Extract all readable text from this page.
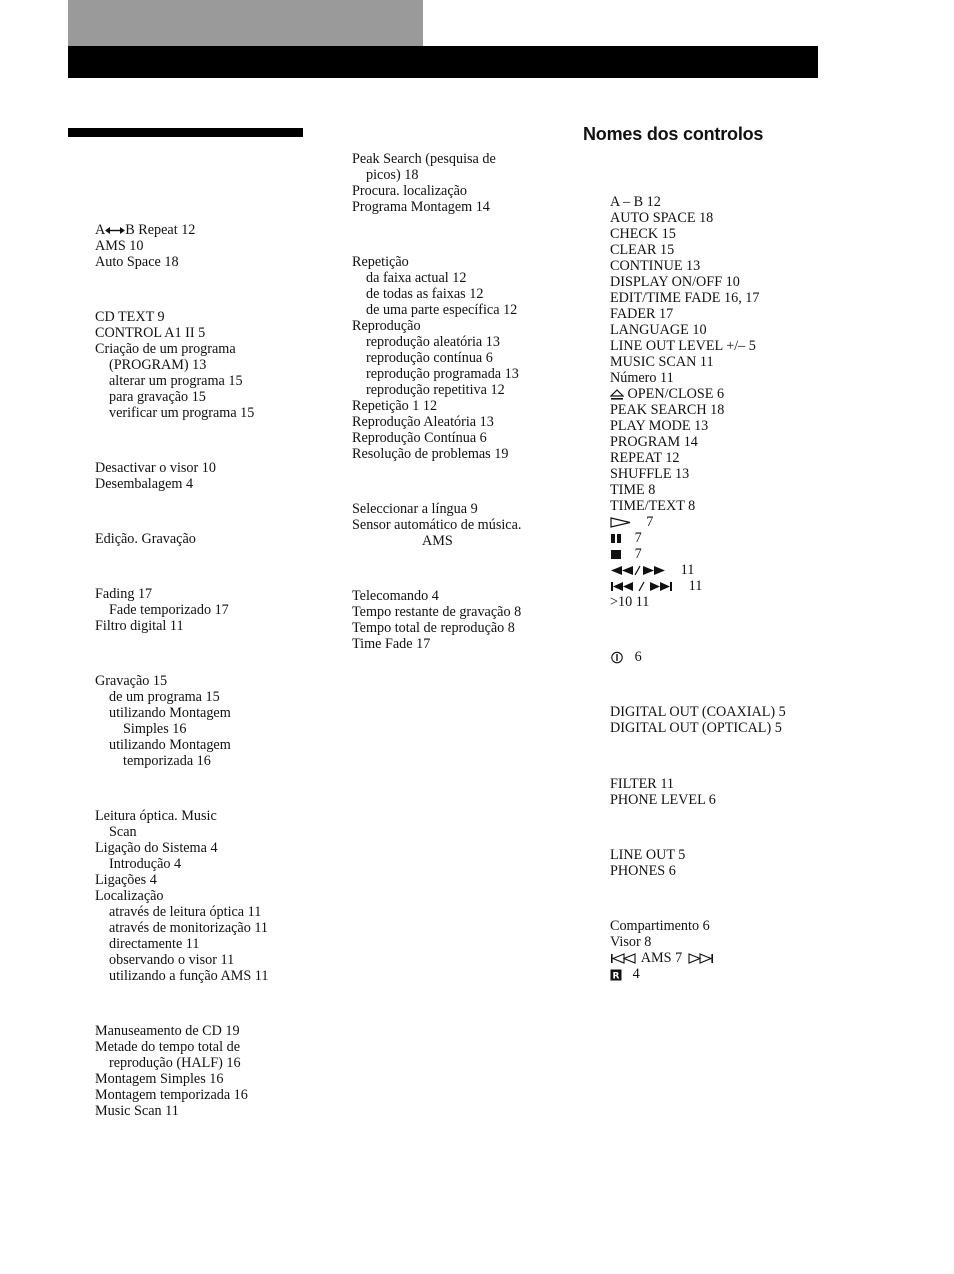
Nomes dos controlos
A B Repeat 12
AMS 10
Auto Space 18
CD TEXT 9
CONTROL A1 II 5
Criação de um programa
(PROGRAM) 13
alterar um programa 15
para gravação 15
verificar um programa 15
Desactivar o visor 10
Desembalagem 4
Edição. Gravação
Fading 17
Fade temporizado 17
Filtro digital 11
Gravação 15
de um programa 15
utilizando Montagem
Simples 16
utilizando Montagem
temporizada 16
Leitura óptica. Music
Scan
Ligação do Sistema 4
Introdução 4
Ligações 4
Localização
através de leitura óptica 11
através de monitorização 11
directamente 11
observando o visor 11
utilizando a função AMS 11
Manuseamento de CD 19
Metade do tempo total de
reprodução (HALF) 16
Montagem Simples 16
Montagem temporizada 16
Music Scan 11
Peak Search (pesquisa de
picos) 18
Procura. localização
Programa Montagem 14
Repetição
da faixa actual 12
de todas as faixas 12
de uma parte específica 12
Reprodução
reprodução aleatória 13
reprodução contínua 6
reprodução programada 13
reprodução repetitiva 12
Repetição 1 12
Reprodução Aleatória 13
Reprodução Contínua 6
Resolução de problemas 19
Seleccionar a língua 9
Sensor automático de música.
AMS
Telecomando 4
Tempo restante de gravação 8
Tempo total de reprodução 8
Time Fade 17
A – B 12
AUTO SPACE 18
CHECK 15
CLEAR 15
CONTINUE 13
DISPLAY ON/OFF 10
EDIT/TIME FADE 16, 17
FADER 17
LANGUAGE 10
LINE OUT LEVEL +/– 5
MUSIC SCAN 11
Número 11
OPEN/CLOSE 6
PEAK SEARCH 18
PLAY MODE 13
PROGRAM 14
REPEAT 12
SHUFFLE 13
TIME 8
TIME/TEXT 8
7
7
7
11
11
>10 11
6
DIGITAL OUT (COAXIAL) 5
DIGITAL OUT (OPTICAL) 5
FILTER 11
PHONE LEVEL 6
LINE OUT 5
PHONES 6
Compartimento 6
Visor 8
AMS 7
R 4
